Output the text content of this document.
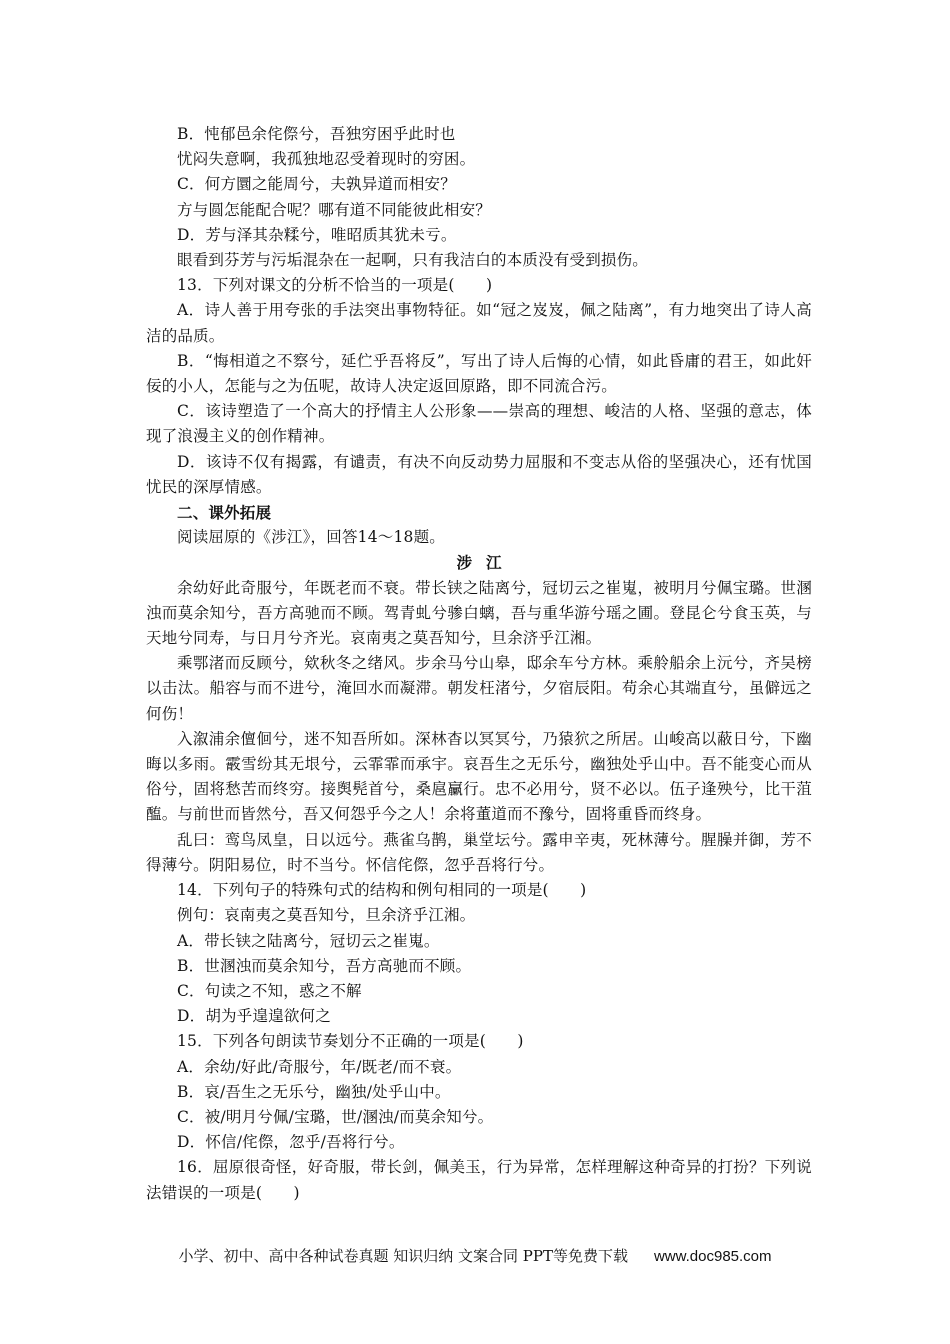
B．忳郁邑余侘傺兮，吾独穷困乎此时也
忧闷失意啊，我孤独地忍受着现时的穷困。
C．何方圜之能周兮，夫孰异道而相安？
方与圆怎能配合呢？哪有道不同能彼此相安？
D．芳与泽其杂糅兮，唯昭质其犹未亏。
眼看到芬芳与污垢混杂在一起啊，只有我洁白的本质没有受到损伤。
13．下列对课文的分析不恰当的一项是(　　)
A．诗人善于用夸张的手法突出事物特征。如“冠之岌岌，佩之陆离”，有力地突出了诗人高洁的品质。
B．“悔相道之不察兮，延伫乎吾将反”，写出了诗人后悔的心情，如此昏庸的君王，如此奸佞的小人，怎能与之为伍呢，故诗人决定返回原路，即不同流合污。
C．该诗塑造了一个高大的抒情主人公形象——崇高的理想、峻洁的人格、坚强的意志，体现了浪漫主义的创作精神。
D．该诗不仅有揭露，有谴责，有决不向反动势力屈服和不变志从俗的坚强决心，还有忧国忧民的深厚情感。
二、课外拓展
阅读屈原的《涉江》，回答14～18题。
涉江
余幼好此奇服兮，年既老而不衰。带长铗之陆离兮，冠切云之崔嵬，被明月兮佩宝璐。世溷浊而莫余知兮，吾方高驰而不顾。驾青虬兮骖白螭，吾与重华游兮瑶之圃。登昆仑兮食玉英，与天地兮同寿，与日月兮齐光。哀南夷之莫吾知兮，旦余济乎江湘。
乘鄂渚而反顾兮，欸秋冬之绪风。步余马兮山皋，邸余车兮方林。乘舲船余上沅兮，齐吴榜以击汰。船容与而不进兮，淹回水而凝滞。朝发枉渚兮，夕宿辰阳。苟余心其端直兮，虽僻远之何伤！
入溆浦余儃佪兮，迷不知吾所如。深林杳以冥冥兮，乃猿狖之所居。山峻高以蔽日兮，下幽晦以多雨。霰雪纷其无垠兮，云霏霏而承宇。哀吾生之无乐兮，幽独处乎山中。吾不能变心而从俗兮，固将愁苦而终穷。接舆髡首兮，桑扈臝行。忠不必用兮，贤不必以。伍子逢殃兮，比干菹醢。与前世而皆然兮，吾又何怨乎今之人！余将董道而不豫兮，固将重昏而终身。
乱曰：鸾鸟凤皇，日以远兮。燕雀乌鹊，巢堂坛兮。露申辛夷，死林薄兮。腥臊并御，芳不得薄兮。阴阳易位，时不当兮。怀信侘傺，忽乎吾将行兮。
14．下列句子的特殊句式的结构和例句相同的一项是(　　)
例句：哀南夷之莫吾知兮，旦余济乎江湘。
A．带长铗之陆离兮，冠切云之崔嵬。
B．世溷浊而莫余知兮，吾方高驰而不顾。
C．句读之不知，惑之不解
D．胡为乎遑遑欲何之
15．下列各句朗读节奏划分不正确的一项是(　　)
A．余幼/好此/奇服兮，年/既老/而不衰。
B．哀/吾生之无乐兮，幽独/处乎山中。
C．被/明月兮佩/宝璐，世/溷浊/而莫余知兮。
D．怀信/侘傺，忽乎/吾将行兮。
16．屈原很奇怪，好奇服，带长剑，佩美玉，行为异常，怎样理解这种奇异的打扮？下列说法错误的一项是(　　)
小学、初中、高中各种试卷真题 知识归纳 文案合同 PPT等免费下载 www.doc985.com
